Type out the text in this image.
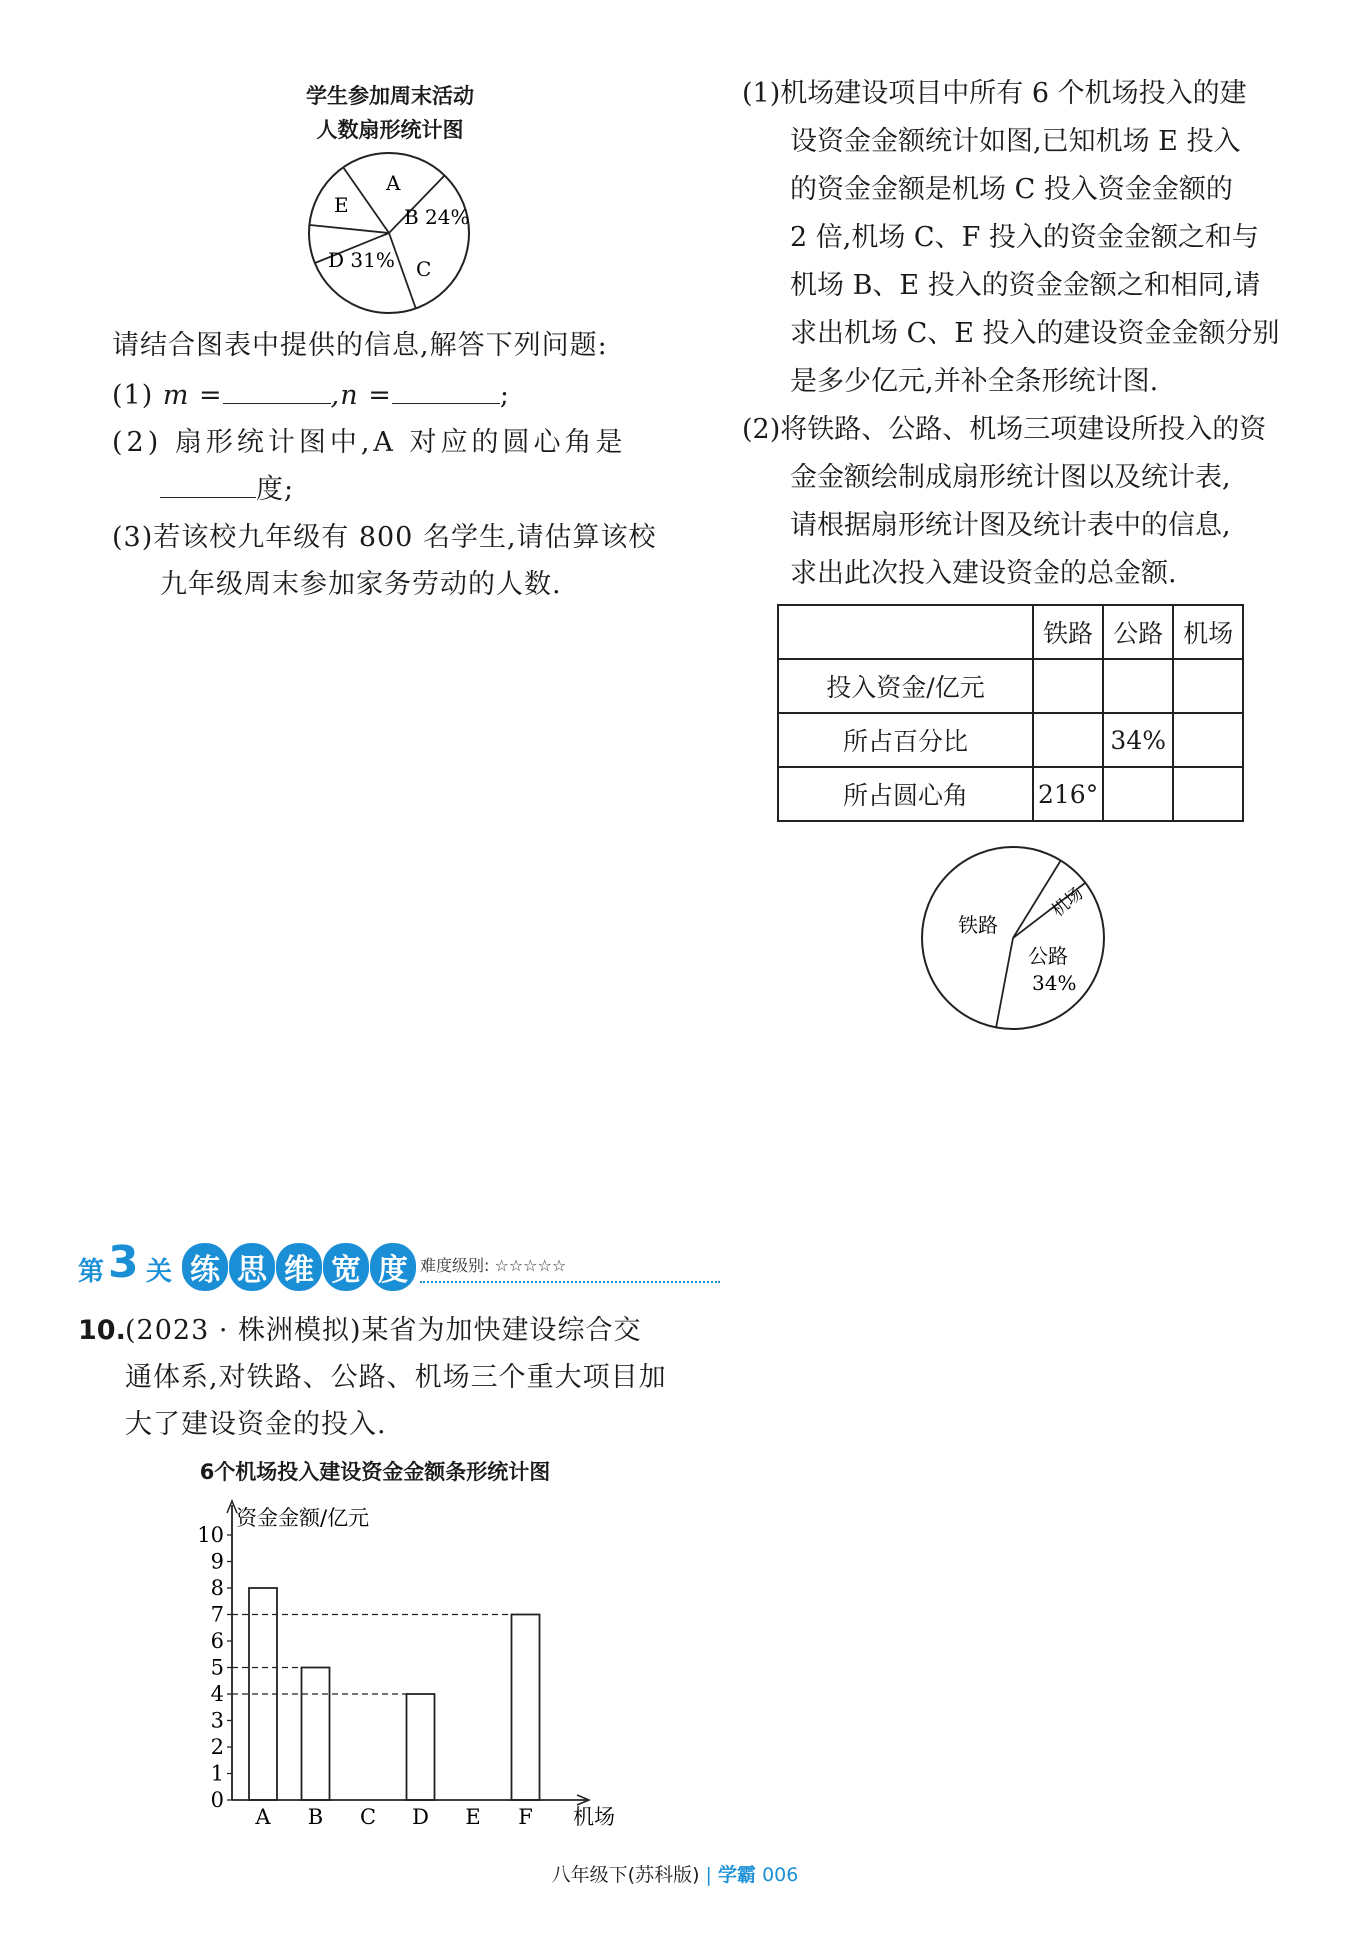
学生参加周末活动
人数扇形统计图
A
E	B 24%
D 31% C
请结合图表中提供的信息,解答下列问题:
(1) m =	,n =	;
(2) 扇形统计图中,A 对应的圆心角是
度;
(3)若该校九年级有 800 名学生,请估算该校
九年级周末参加家务劳动的人数.
(1)机场建设项目中所有 6 个机场投入的建
设资金金额统计如图,已知机场 E 投入
的资金金额是机场 C 投入资金金额的
2 倍,机场 C、F 投入的资金金额之和与
机场 B、E 投入的资金金额之和相同,请
求出机场 C、E 投入的建设资金金额分别
是多少亿元,并补全条形统计图.
(2)将铁路、公路、机场三项建设所投入的资
金金额绘制成扇形统计图以及统计表,
请根据扇形统计图及统计表中的信息,
求出此次投入建设资金的总金额.
	铁路	公路	机场
投入资金/亿元			
所占百分比		34%	
所占圆心角	216°		
铁路
机场
公路
34%
第 3 关 练 思 维 宽 度 难度级别: ☆☆☆☆☆
10. (2023 · 株洲模拟)某省为加快建设综合交
通体系,对铁路、公路、机场三个重大项目加
大了建设资金的投入.
6个机场投入建设资金金额条形统计图
0
1
2
3
4
5
6
7
8
9
10
资金金额/亿元
机场
A B C D E F
八年级下(苏科版) | 学霸 006
